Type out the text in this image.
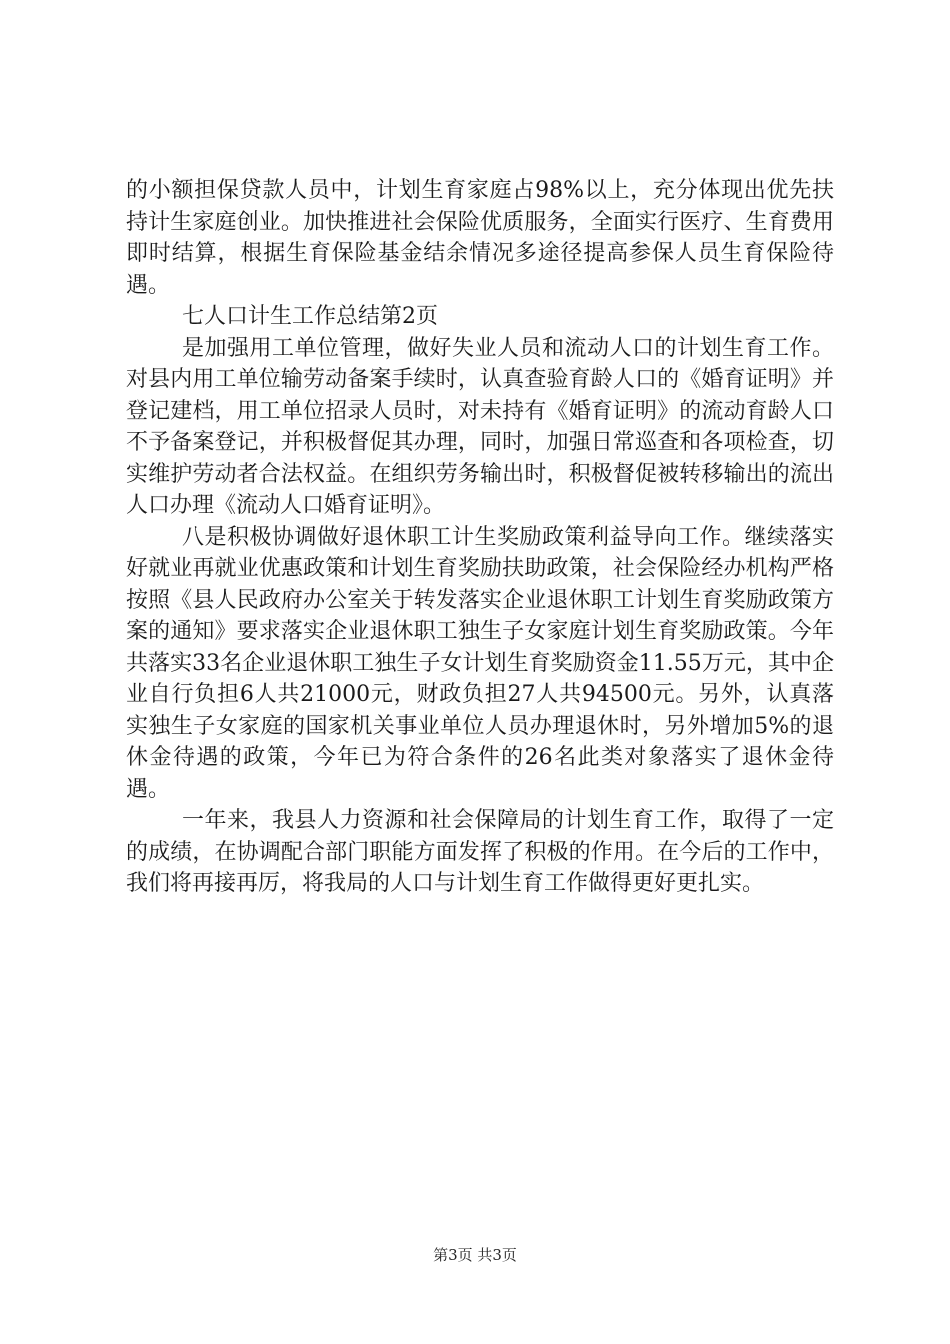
的小额担保贷款人员中，计划生育家庭占98%以上，充分体现出优先扶持计生家庭创业。加快推进社会保险优质服务，全面实行医疗、生育费用即时结算，根据生育保险基金结余情况多途径提高参保人员生育保险待遇。

七人口计生工作总结第2页

是加强用工单位管理，做好失业人员和流动人口的计划生育工作。对县内用工单位输劳动备案手续时，认真查验育龄人口的《婚育证明》并登记建档，用工单位招录人员时，对未持有《婚育证明》的流动育龄人口不予备案登记，并积极督促其办理，同时，加强日常巡查和各项检查，切实维护劳动者合法权益。在组织劳务输出时，积极督促被转移输出的流出人口办理《流动人口婚育证明》。

八是积极协调做好退休职工计生奖励政策利益导向工作。继续落实好就业再就业优惠政策和计划生育奖励扶助政策，社会保险经办机构严格按照《县人民政府办公室关于转发落实企业退休职工计划生育奖励政策方案的通知》要求落实企业退休职工独生子女家庭计划生育奖励政策。今年共落实33名企业退休职工独生子女计划生育奖励资金11.55万元，其中企业自行负担6人共21000元，财政负担27人共94500元。另外，认真落实独生子女家庭的国家机关事业单位人员办理退休时，另外增加5%的退休金待遇的政策，今年已为符合条件的26名此类对象落实了退休金待遇。

一年来，我县人力资源和社会保障局的计划生育工作，取得了一定的成绩，在协调配合部门职能方面发挥了积极的作用。在今后的工作中，我们将再接再厉，将我局的人口与计划生育工作做得更好更扎实。

第3页 共3页
